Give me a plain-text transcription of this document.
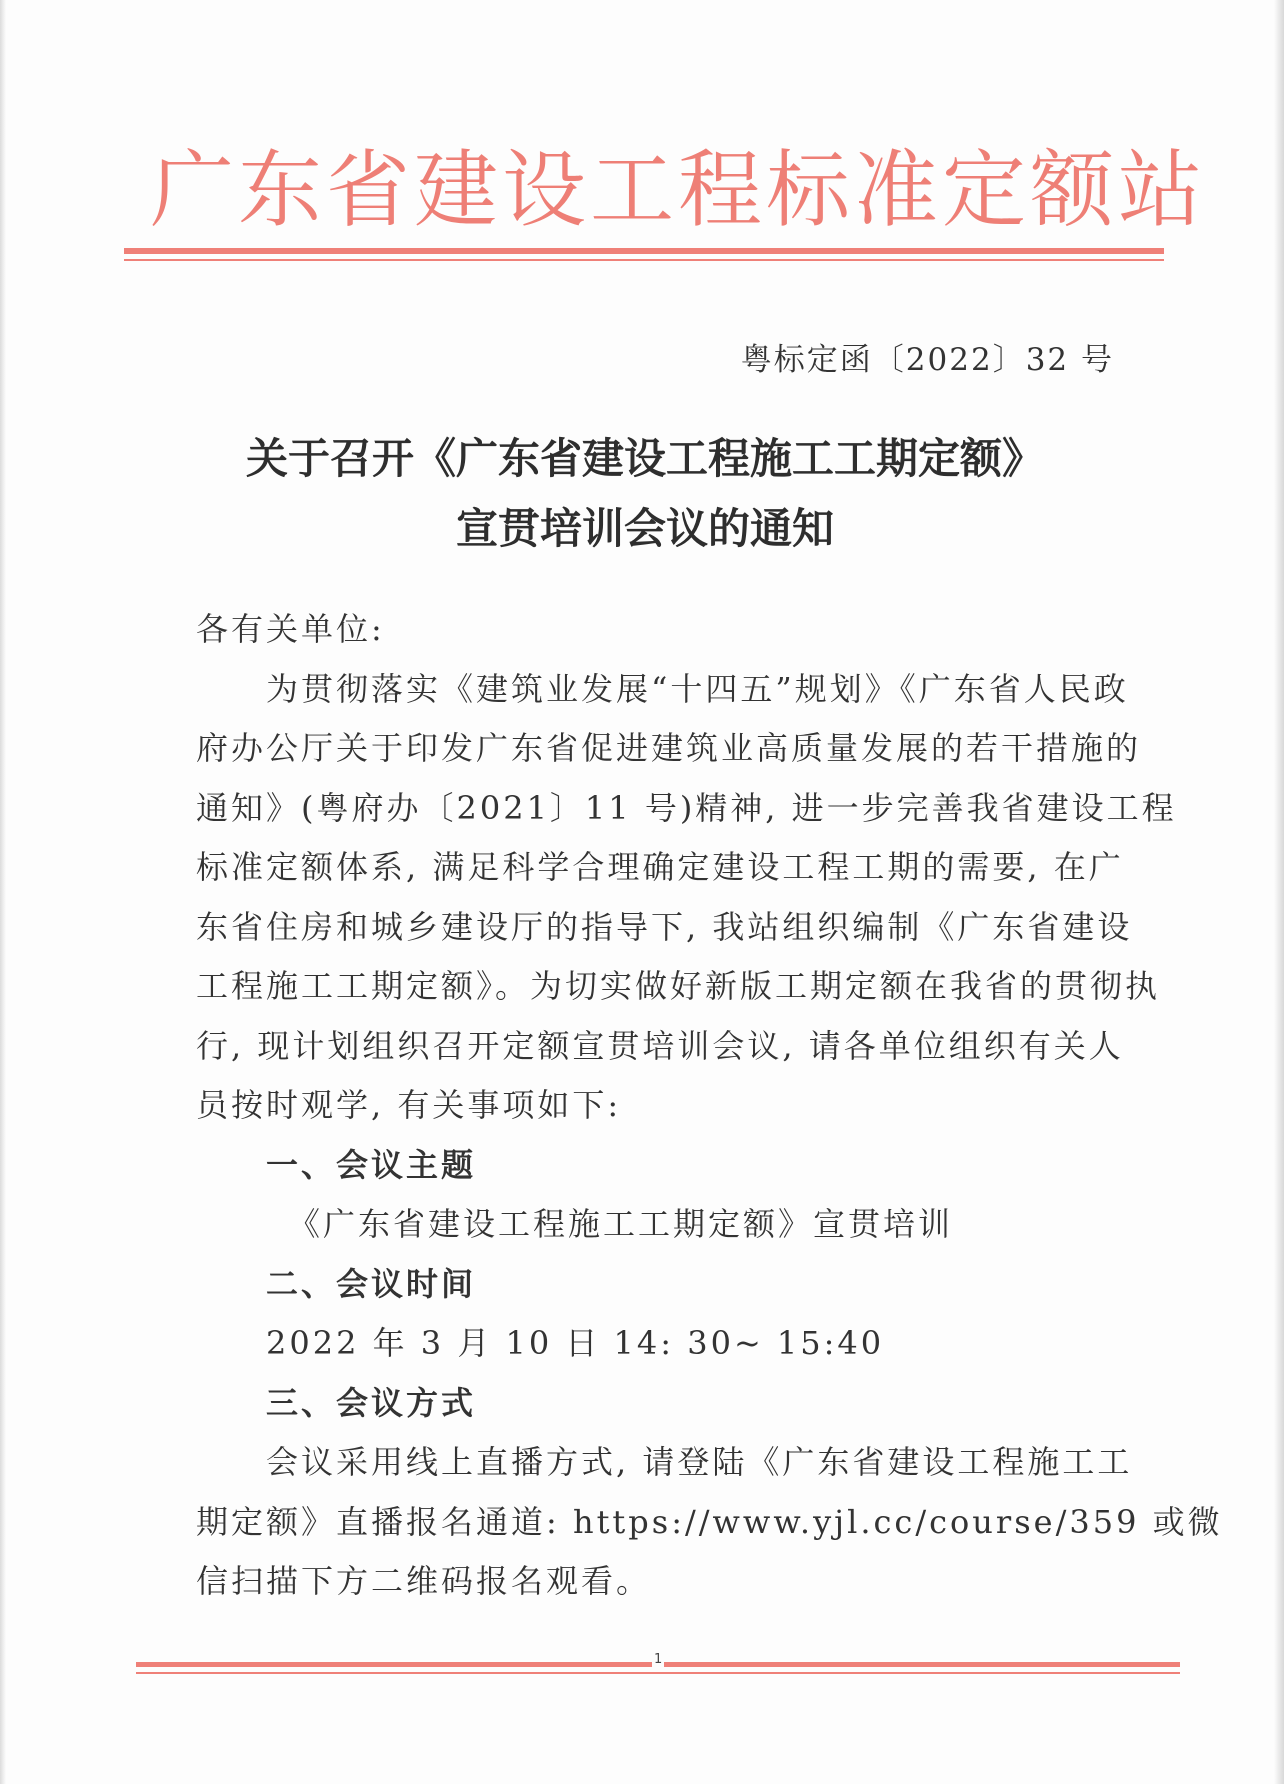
广东省建设工程标准定额站
粤标定函〔2022〕32 号
关于召开《广东省建设工程施工工期定额》
宣贯培训会议的通知
各有关单位:
为贯彻落实《建筑业发展“十四五”规划》《广东省人民政
府办公厅关于印发广东省促进建筑业高质量发展的若干措施的
通知》(粤府办〔2021〕11 号)精神, 进一步完善我省建设工程
标准定额体系, 满足科学合理确定建设工程工期的需要, 在广
东省住房和城乡建设厅的指导下, 我站组织编制《广东省建设
工程施工工期定额》。为切实做好新版工期定额在我省的贯彻执
行, 现计划组织召开定额宣贯培训会议, 请各单位组织有关人
员按时观学, 有关事项如下:
一、会议主题
《广东省建设工程施工工期定额》宣贯培训
二、会议时间
2022 年 3 月 10 日 14: 30~ 15:40
三、会议方式
会议采用线上直播方式, 请登陆《广东省建设工程施工工
期定额》直播报名通道: https://www.yjl.cc/course/359 或微
信扫描下方二维码报名观看。
1
